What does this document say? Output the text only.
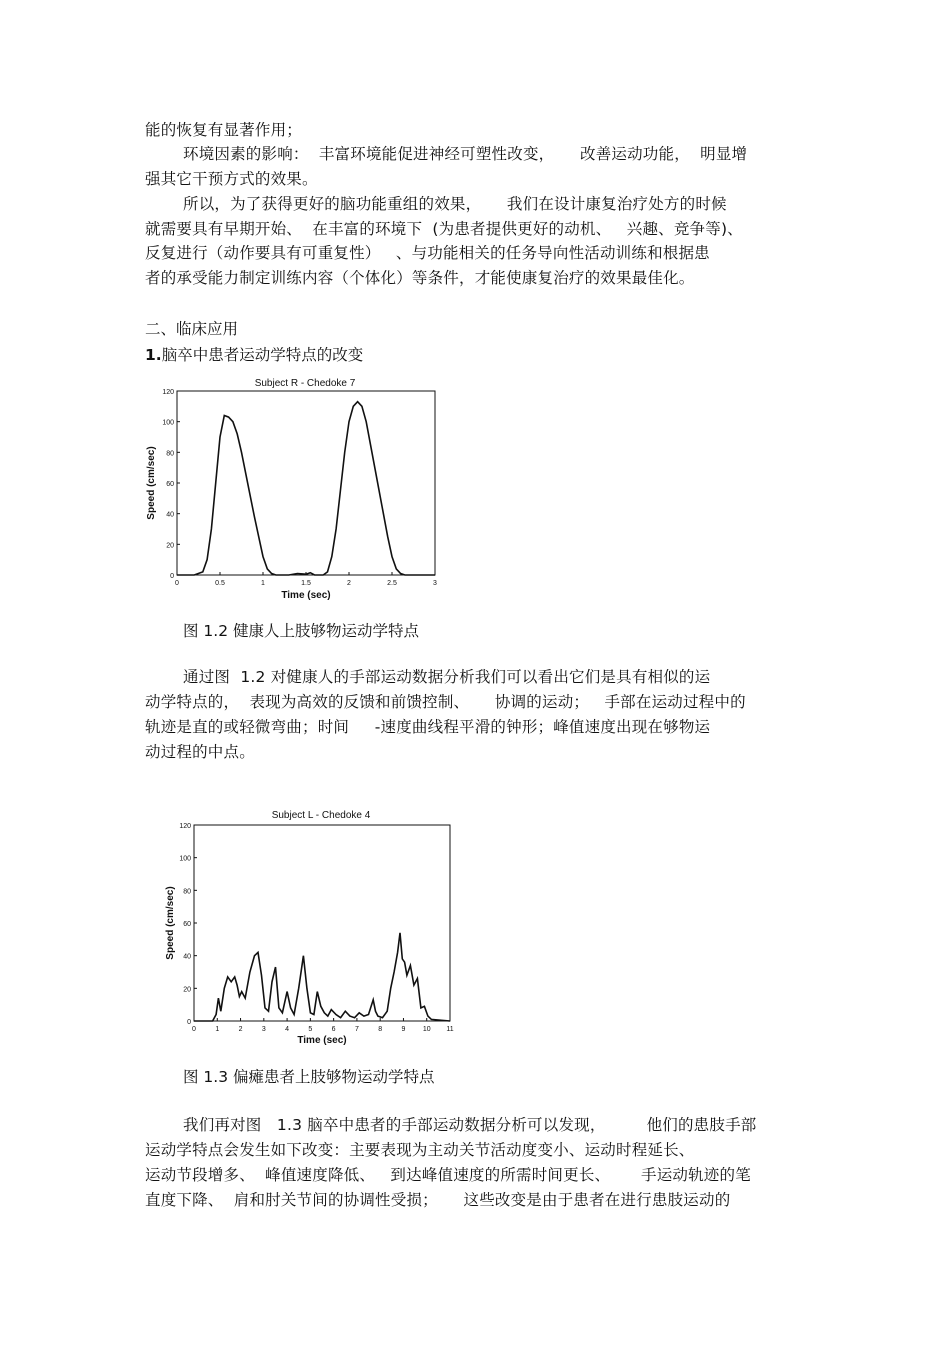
能的恢复有显著作用；
环境因素的影响：  丰富环境能促进神经可塑性改变，     改善运动功能，  明显增
强其它干预方式的效果。
所以，为了获得更好的脑功能重组的效果，     我们在设计康复治疗处方的时候
就需要具有早期开始、  在丰富的环境下  (为患者提供更好的动机、   兴趣、竞争等)、
反复进行（动作要具有可重复性）   、与功能相关的任务导向性活动训练和根据患
者的承受能力制定训练内容（个体化）等条件，才能使康复治疗的效果最佳化。
二、临床应用
1.脑卒中患者运动学特点的改变
Subject R - Chedoke 7
0
20
40
60
80
100
120
0	0.5	1	1.5	2	2.5	3
Time (sec)
Speed (cm/sec)
图 1.2 健康人上肢够物运动学特点
通过图  1.2 对健康人的手部运动数据分析我们可以看出它们是具有相似的运
动学特点的，  表现为高效的反馈和前馈控制、     协调的运动；   手部在运动过程中的
轨迹是直的或轻微弯曲；时间     -速度曲线程平滑的钟形；峰值速度出现在够物运
动过程的中点。
Subject L - Chedoke 4
0
20
40
60
80
100
120
0	1	2	3	4	5	6	7	8	9 10 11
Time (sec)
Speed (cm/sec)
图 1.3 偏瘫患者上肢够物运动学特点
我们再对图   1.3 脑卒中患者的手部运动数据分析可以发现，        他们的患肢手部
运动学特点会发生如下改变：主要表现为主动关节活动度变小、运动时程延长、
运动节段增多、  峰值速度降低、   到达峰值速度的所需时间更长、      手运动轨迹的笔
直度下降、  肩和肘关节间的协调性受损；     这些改变是由于患者在进行患肢运动的
